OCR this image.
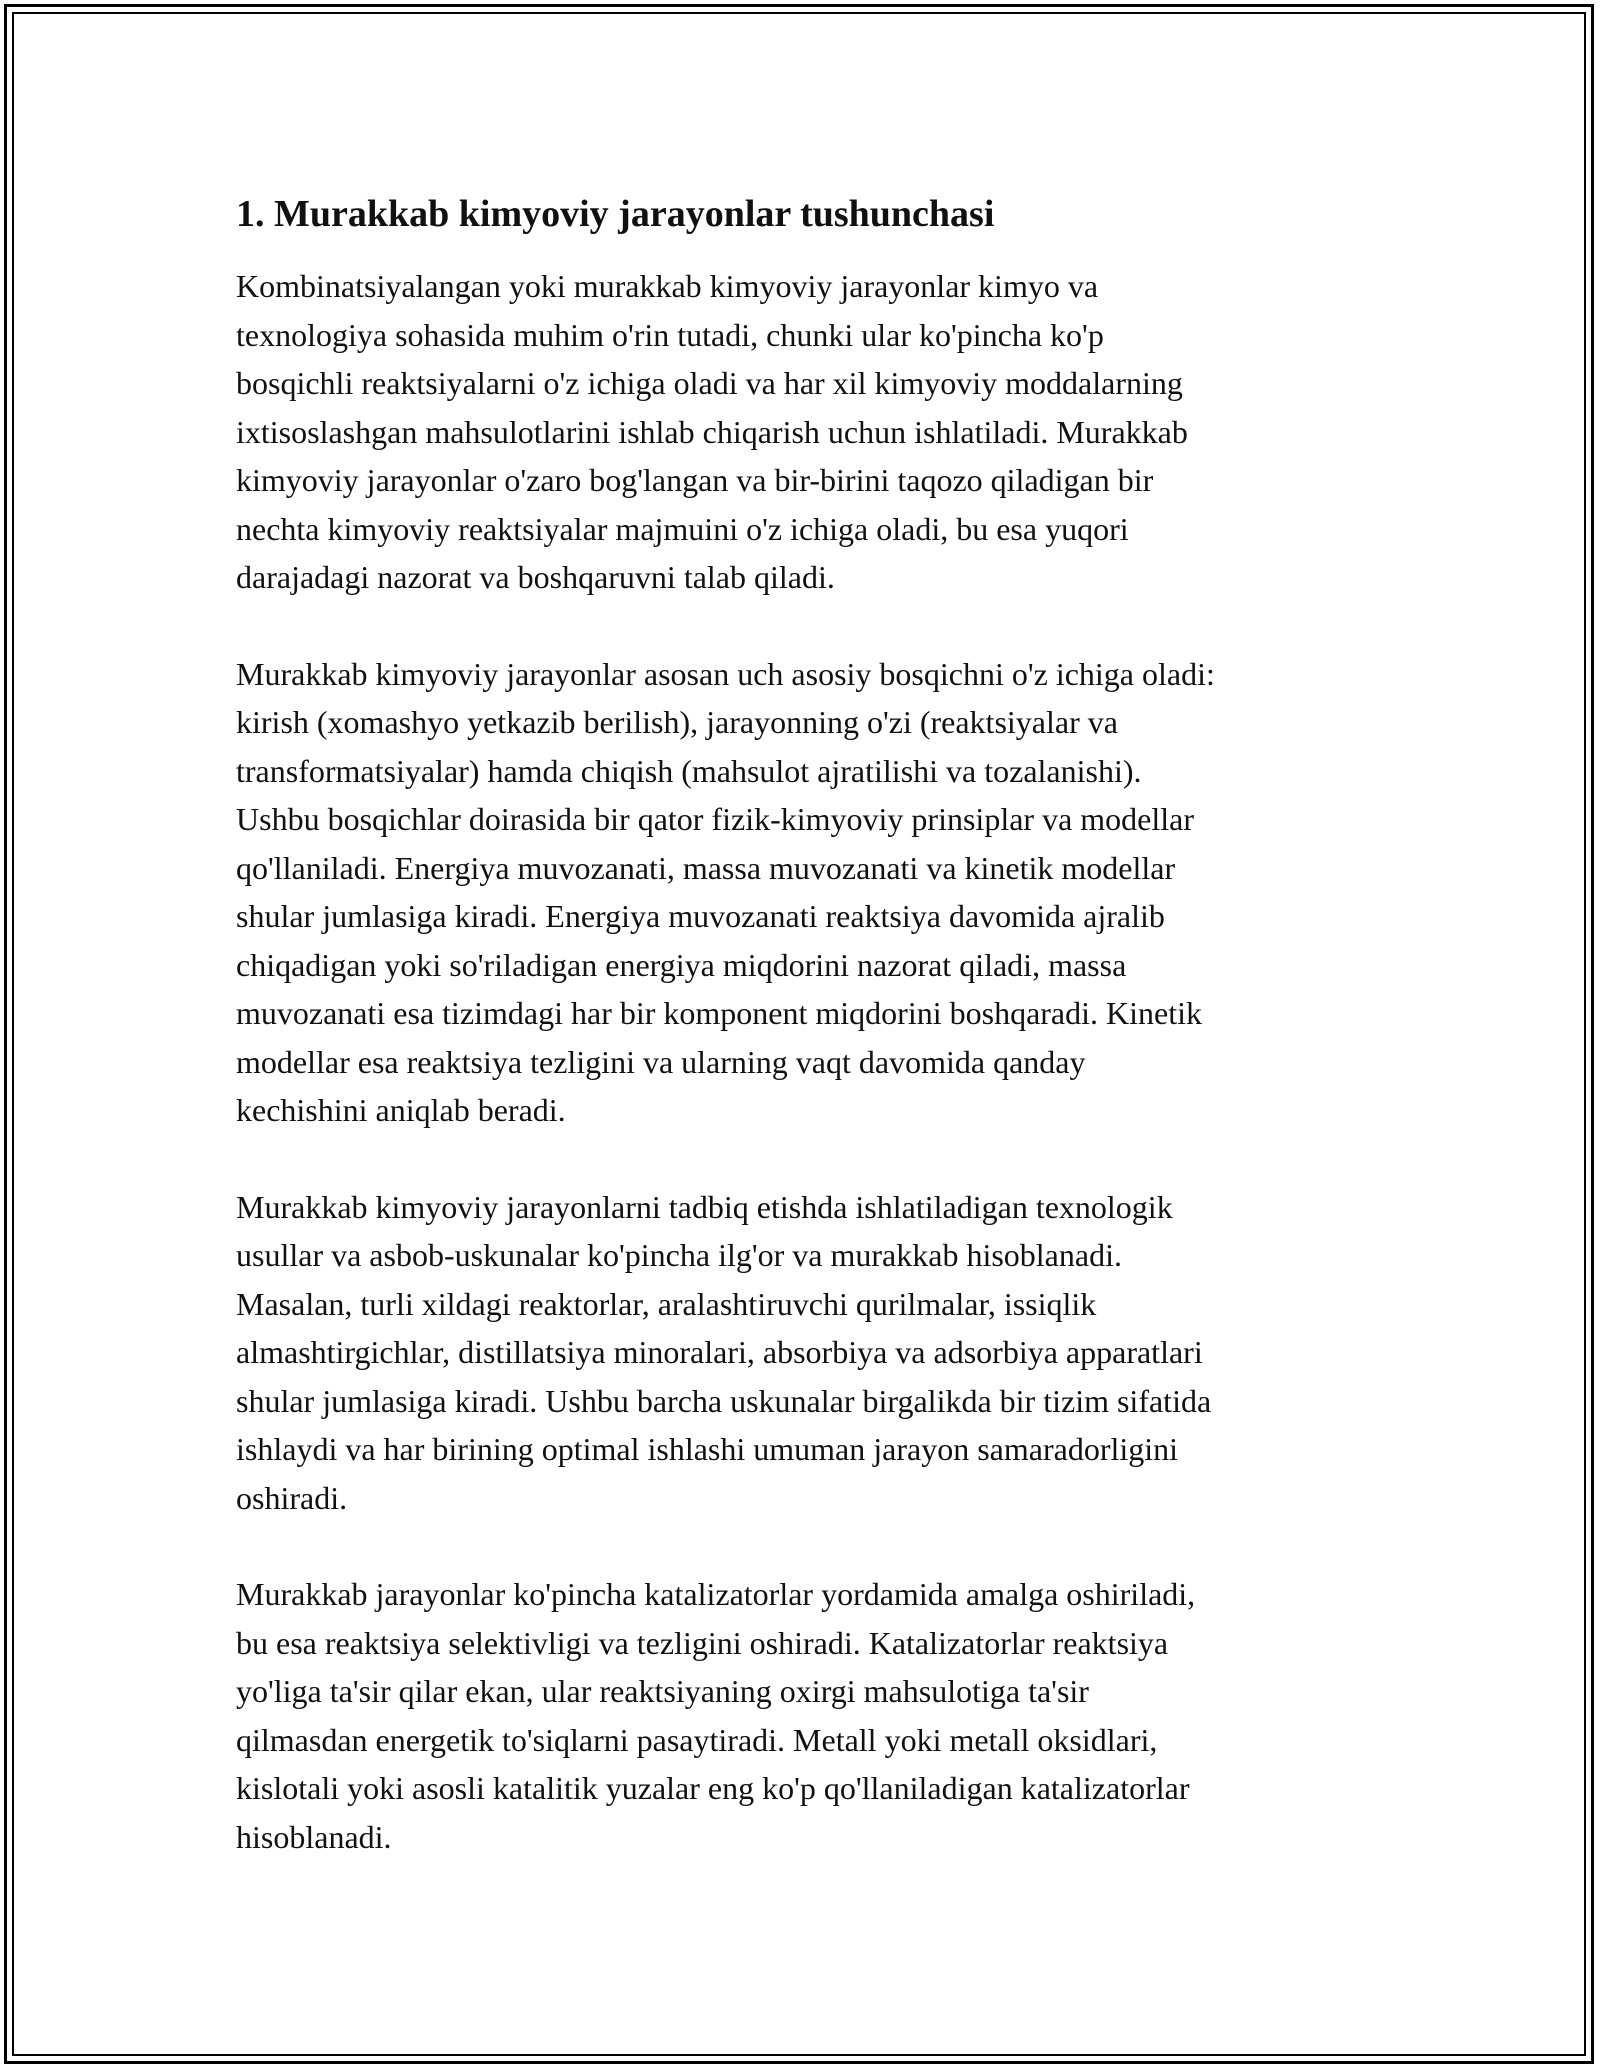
1. Murakkab kimyoviy jarayonlar tushunchasi

Kombinatsiyalangan yoki murakkab kimyoviy jarayonlar kimyo va
texnologiya sohasida muhim o'rin tutadi, chunki ular ko'pincha ko'p
bosqichli reaktsiyalarni o'z ichiga oladi va har xil kimyoviy moddalarning
ixtisoslashgan mahsulotlarini ishlab chiqarish uchun ishlatiladi. Murakkab
kimyoviy jarayonlar o'zaro bog'langan va bir-birini taqozo qiladigan bir
nechta kimyoviy reaktsiyalar majmuini o'z ichiga oladi, bu esa yuqori
darajadagi nazorat va boshqaruvni talab qiladi.

Murakkab kimyoviy jarayonlar asosan uch asosiy bosqichni o'z ichiga oladi:
kirish (xomashyo yetkazib berilish), jarayonning o'zi (reaktsiyalar va
transformatsiyalar) hamda chiqish (mahsulot ajratilishi va tozalanishi).
Ushbu bosqichlar doirasida bir qator fizik-kimyoviy prinsiplar va modellar
qo'llaniladi. Energiya muvozanati, massa muvozanati va kinetik modellar
shular jumlasiga kiradi. Energiya muvozanati reaktsiya davomida ajralib
chiqadigan yoki so'riladigan energiya miqdorini nazorat qiladi, massa
muvozanati esa tizimdagi har bir komponent miqdorini boshqaradi. Kinetik
modellar esa reaktsiya tezligini va ularning vaqt davomida qanday
kechishini aniqlab beradi.

Murakkab kimyoviy jarayonlarni tadbiq etishda ishlatiladigan texnologik
usullar va asbob-uskunalar ko'pincha ilg'or va murakkab hisoblanadi.
Masalan, turli xildagi reaktorlar, aralashtiruvchi qurilmalar, issiqlik
almashtirgichlar, distillatsiya minoralari, absorbiya va adsorbiya apparatlari
shular jumlasiga kiradi. Ushbu barcha uskunalar birgalikda bir tizim sifatida
ishlaydi va har birining optimal ishlashi umuman jarayon samaradorligini
oshiradi.

Murakkab jarayonlar ko'pincha katalizatorlar yordamida amalga oshiriladi,
bu esa reaktsiya selektivligi va tezligini oshiradi. Katalizatorlar reaktsiya
yo'liga ta'sir qilar ekan, ular reaktsiyaning oxirgi mahsulotiga ta'sir
qilmasdan energetik to'siqlarni pasaytiradi. Metall yoki metall oksidlari,
kislotali yoki asosli katalitik yuzalar eng ko'p qo'llaniladigan katalizatorlar
hisoblanadi.
